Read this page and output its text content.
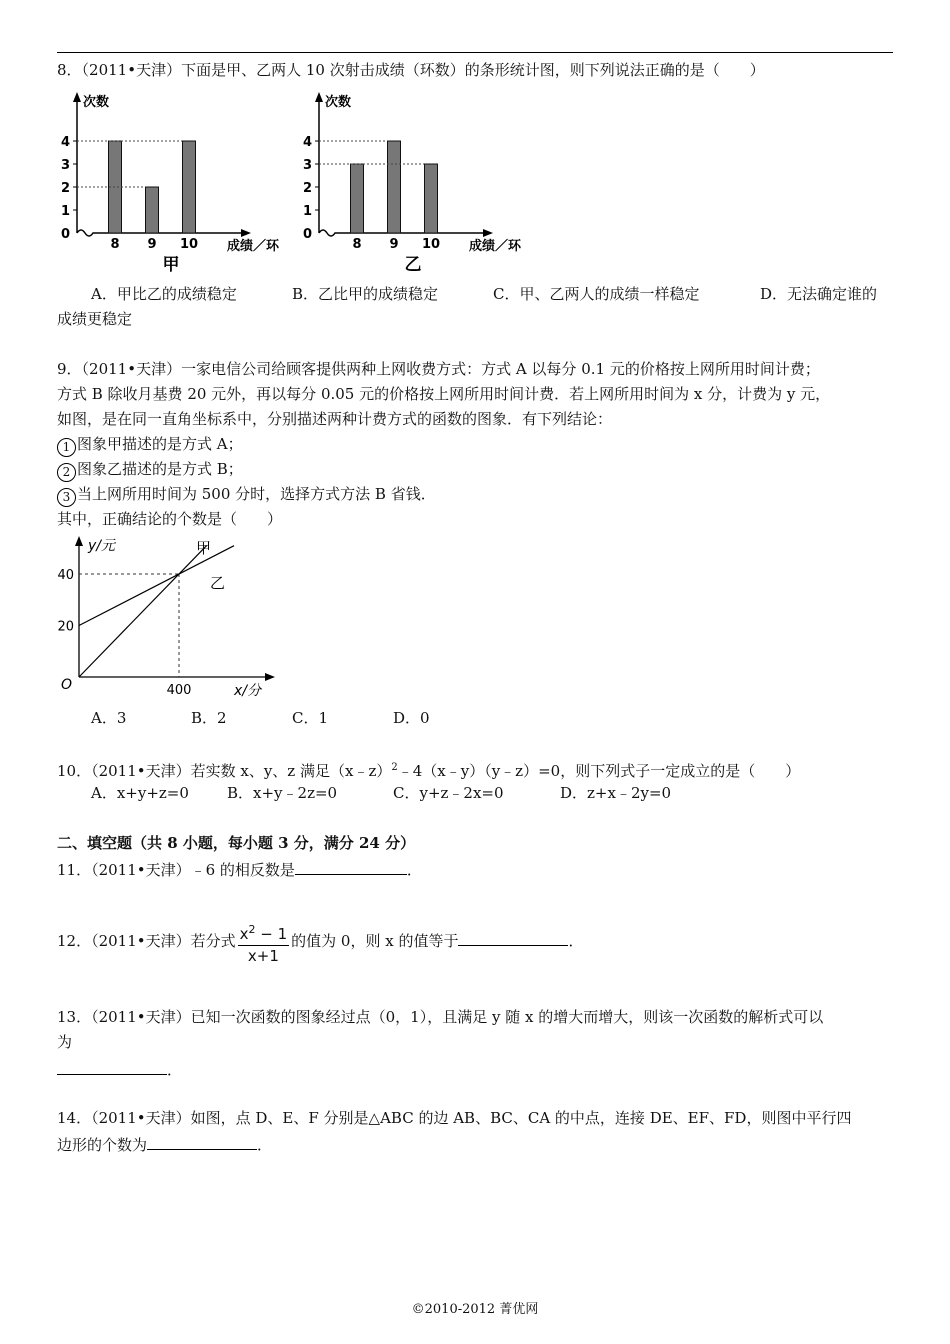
8．（2011•天津）下面是甲、乙两人 10 次射击成绩（环数）的条形统计图，则下列说法正确的是（　　）
次数
成绩／环
0
1
2
3
4
8 9 10
甲
次数
成绩／环
0
1
2
3
4
8 9 10
乙
A．甲比乙的成绩稳定	B．乙比甲的成绩稳定	C．甲、乙两人的成绩一样稳定	D．无法确定谁的
成绩更稳定
9．（2011•天津）一家电信公司给顾客提供两种上网收费方式：方式 A 以每分 0.1 元的价格按上网所用时间计费；
方式 B 除收月基费 20 元外，再以每分 0.05 元的价格按上网所用时间计费．若上网所用时间为 x 分，计费为 y 元，
如图，是在同一直角坐标系中，分别描述两种计费方式的函数的图象．有下列结论：
1 图象甲描述的是方式 A；
2 图象乙描述的是方式 B；
3 当上网所用时间为 500 分时，选择方式方法 B 省钱．
其中，正确结论的个数是（　　）
y/元
x/分
O
20
40
400
甲
乙
A．3	B．2	C．1	D．0
10．（2011•天津）若实数 x、y、z 满足（x﹣z）$^2$﹣4（x﹣y）（y﹣z）=0，则下列式子一定成立的是（　　）
A．x+y+z=0	B．x+y﹣2z=0	C．y+z﹣2x=0	D．z+x﹣2y=0
二、填空题（共 8 小题，每小题 3 分，满分 24 分）
11．（2011•天津）﹣6 的相反数是	．
12．（2011•天津）若分式 $\frac{x^2 - 1}{x+1}$ 的值为 0，则 x 的值等于	．
13．（2011•天津）已知一次函数的图象经过点（0，1），且满足 y 随 x 的增大而增大，则该一次函数的解析式可以
为
．
14．（2011•天津）如图，点 D、E、F 分别是△ABC 的边 AB、BC、CA 的中点，连接 DE、EF、FD，则图中平行四
边形的个数为	．
©2010-2012 菁优网
